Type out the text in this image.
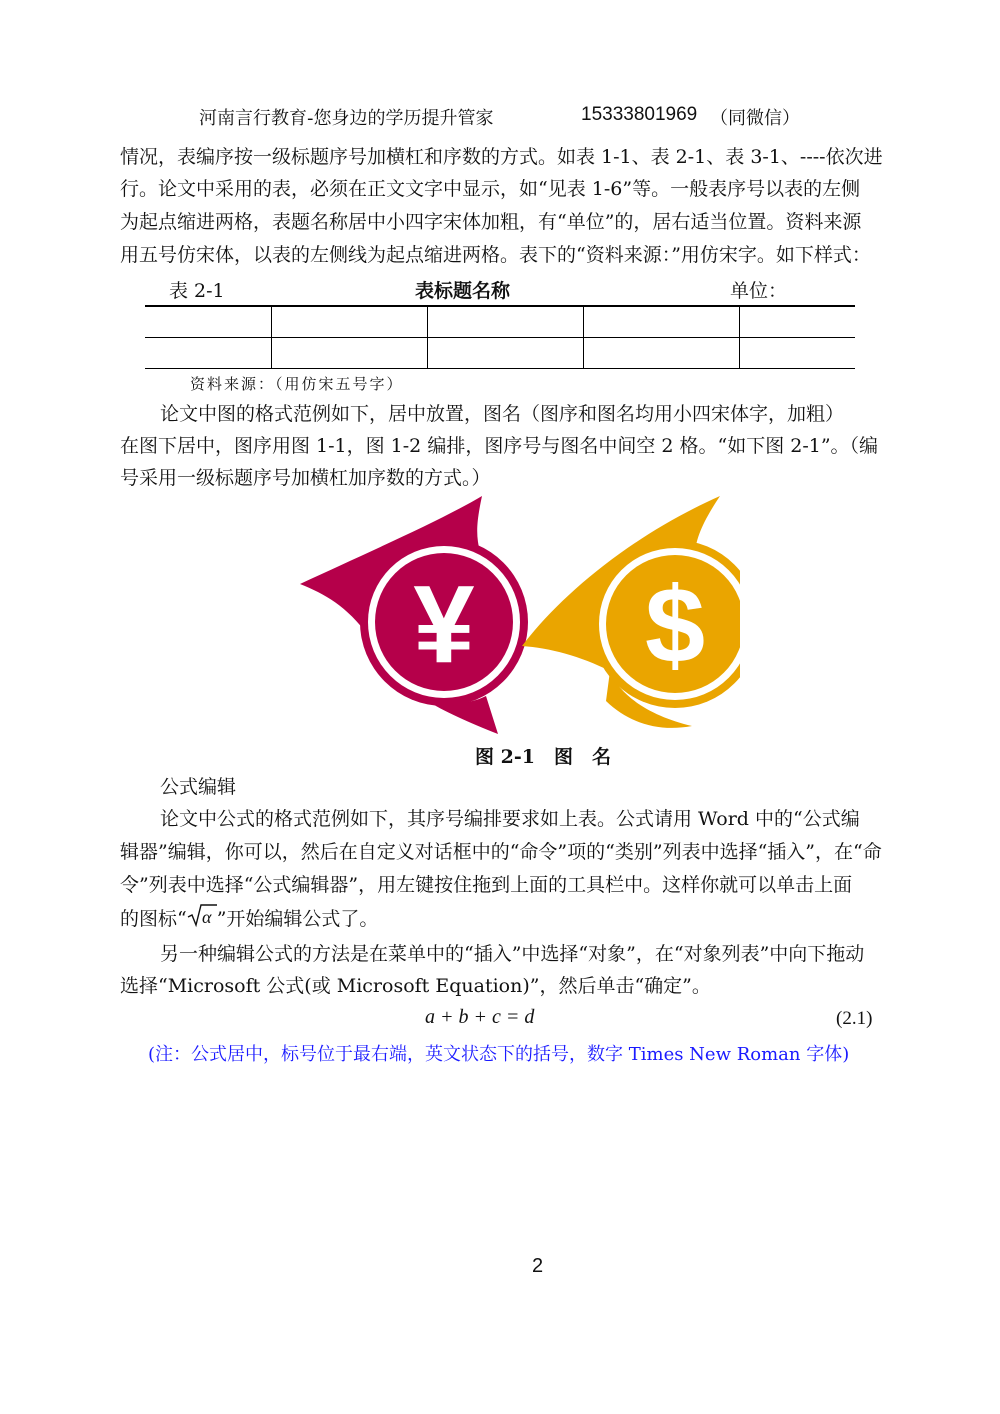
河南言行教育-您身边的学历提升管家	15333801969 （同微信）
情况，表编序按一级标题序号加横杠和序数的方式。如表 1-1、表 2-1、表 3-1、----依次进
行。论文中采用的表，必须在正文文字中显示，如“见表 1-6”等。一般表序号以表的左侧
为起点缩进两格，表题名称居中小四字宋体加粗，有“单位”的，居右适当位置。资料来源
用五号仿宋体，以表的左侧线为起点缩进两格。表下的“资料来源：”用仿宋字。如下样式：
表 2-1	表标题名称	单位：

资料来源：（用仿宋五号字）
论文中图的格式范例如下，居中放置，图名（图序和图名均用小四宋体字，加粗）
在图下居中，图序用图 1-1，图 1-2 编排，图序号与图名中间空 2 格。“如下图 2-1”。（编
号采用一级标题序号加横杠加序数的方式。）
¥ $
图 2-1　图　名
公式编辑
论文中公式的格式范例如下，其序号编排要求如上表。公式请用 Word 中的“公式编
辑器”编辑，你可以，然后在自定义对话框中的“命令”项的“类别”列表中选择“插入”，在“命
令”列表中选择“公式编辑器”，用左键按住拖到上面的工具栏中。这样你就可以单击上面
的图标“ α ”开始编辑公式了。
另一种编辑公式的方法是在菜单中的“插入”中选择“对象”，在“对象列表”中向下拖动
选择“Microsoft 公式(或 Microsoft Equation)”，然后单击“确定”。
a + b + c = d	(2.1)
(注：公式居中，标号位于最右端，英文状态下的括号，数字 Times New Roman 字体)
2
